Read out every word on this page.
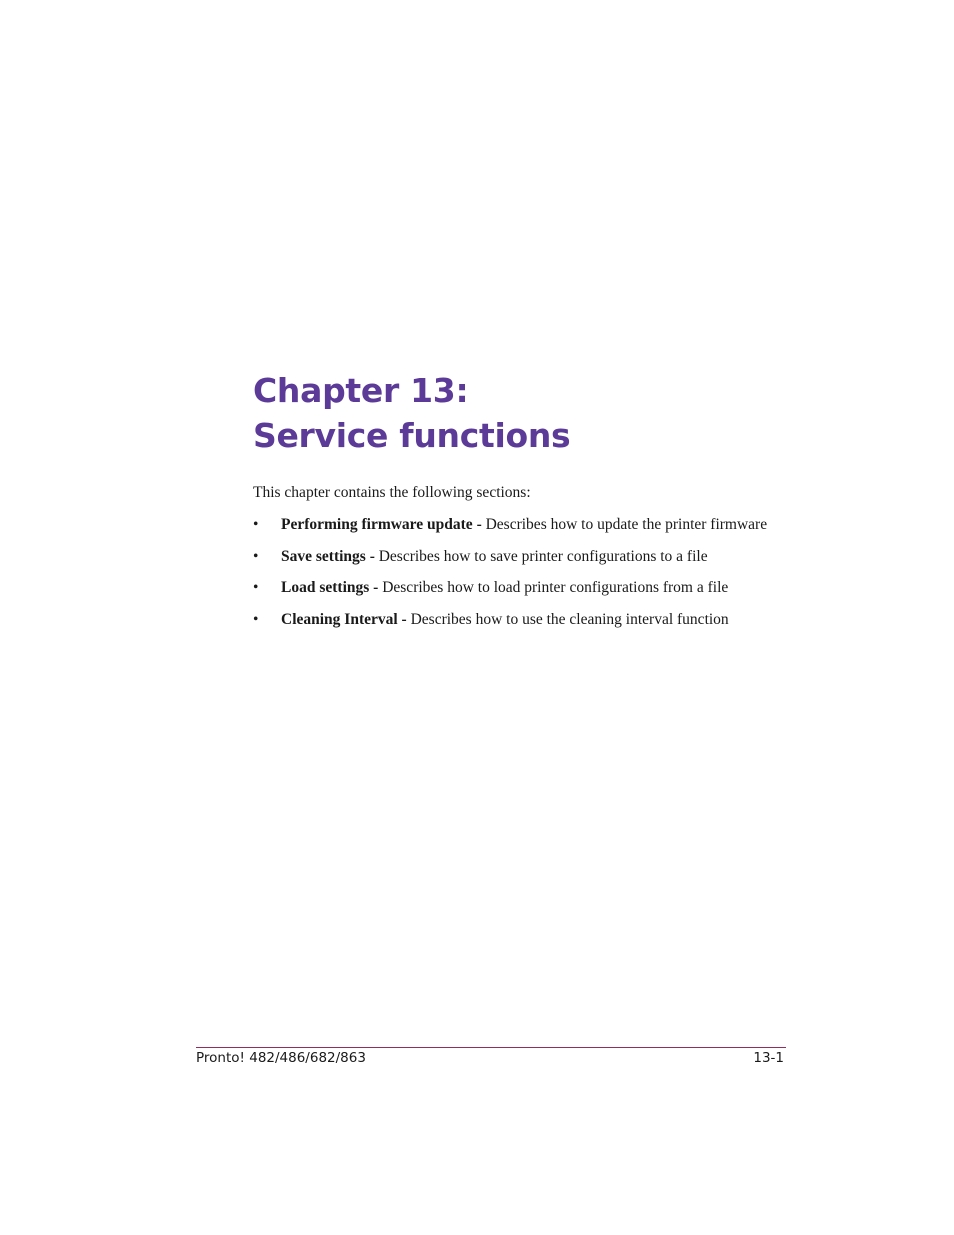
Chapter 13:
Service functions

This chapter contains the following sections:

•	Performing firmware update - Describes how to update the printer firmware
•	Save settings - Describes how to save printer configurations to a file
•	Load settings - Describes how to load printer configurations from a file
•	Cleaning Interval - Describes how to use the cleaning interval function
Pronto! 482/486/682/863	13-1
